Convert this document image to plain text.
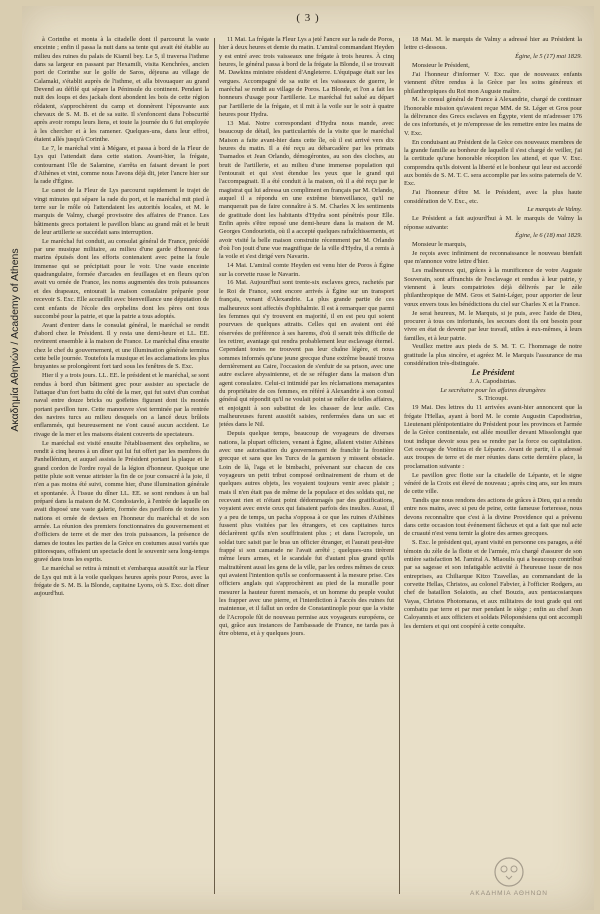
( 3 )

à Corinthe et monta à la citadelle dont il parcourut la vaste enceinte ; enfin il passa la nuit dans sa tente qui avait été établie au milieu des ruines du palais de Kiamil bey. Le 5, il traversa l'isthme dans sa largeur en passant par Hexamili, visita Kenchrées, ancien port de Corinthe sur le golfe de Saros, déjeuna au village de Calamaki, s'établit auprès de l'isthme, et alla bivouaquer au grand Devend au défilé qui sépare la Péninsule du continent. Pendant la nuit des loups et des jackals dont abondent les bois de cette région rôdaient, s'approchèrent du camp et donnèrent l'épouvante aux chevaux de S. M. B. et de sa suite. Il s'enfoncent dans l'obscurité après avoir rompu leurs liens, et toute la journée du 6 fut employée à les chercher et à les ramener. Quelques-uns, dans leur effroi, étaient allés jusqu'à Corinthe.

Le 7, le maréchal vint à Mégare, et passa à bord de la Fleur de Lys qui l'attendait dans cette station. Avant-hier, la frégate, contournant l'île de Salamine, s'arrêta en faisant devant le port d'Athènes et vint, comme nous l'avons déjà dit, jeter l'ancre hier sur la rade d'Égine.

Le canot de la Fleur de Lys parcourut rapidement le trajet de vingt minutes qui sépare la rade du port, et le maréchal mit pied à terre sur le môle où l'attendaient les autorités locales, et M. le marquis de Valmy, chargé provisoire des affaires de France. Les bâtiments grecs portaient le pavillon blanc au grand mât et le bruit de leur artillerie se succédait sans interruption.

Le maréchal fut conduit, au consulat général de France, précédé par une musique militaire, au milieu d'une garde d'honneur de marins épuisés dont les efforts contenaient avec peine la foule immense qui se précipitait pour le voir. Une vaste enceinte quadrangulaire, formée d'arcades en feuillages et en fleurs qu'on avait vu ornée de France, les noms augmentés des trois puissances et des drapeaux, entourait la maison consulaire préparée pour recevoir S. Exc. Elle accueillit avec bienveillance une députation de cent enfants de l'école des orphelins dont les pères ont tous succombé pour la patrie, et que la patrie a tous adoptés.

Avant d'entrer dans le consulat général, le maréchal se rendit d'abord chez le Président. Il y resta une demi-heure et LL. EE. revinrent ensemble à la maison de France. Le maréchal dîna ensuite chez le chef du gouvernement, et une illumination générale termina cette belle journée. Toutefois la musique et les acclamations les plus bruyantes se prolongèrent fort tard sous les fenêtres de S. Exc.

Hier il y a trois jours. LL. EE. le président et le maréchal, se sont rendus à bord d'un bâtiment grec pour assister au spectacle de l'attaque d'un fort battu du côté de la mer, qui fut suivi d'un combat naval entre douze bricks ou goëlettes figurant dont ils montés portant pavillon ture. Cette manœuvre s'est terminée par la rentrée des navires turcs au milieu desquels on a lancé deux brûlots enflammés, qui heureusement ne s'ont causé aucun accident. Le rivage de la mer et les maisons étaient couverts de spectateurs.

Le maréchal est visité ensuite l'établissement des orphelins, se rendit à cinq heures à un dîner qui lui fut offert par les membres du Panhellénium, et auquel assista le Président portant la plaque et le grand cordon de l'ordre royal de la légion d'honneur. Quoique une petite pluie soit venue attrister la fin de ce jour consacré à la joie, il n'en a pas moins été suivi, comme hier, d'une illumination générale et spontanée. À l'issue du dîner LL. EE. se sont rendues à un bal préparé dans la maison de M. Condostavlo, à l'entrée de laquelle on avait disposé une vaste galerie, formée des pavillons de toutes les nations et ornée de devises en l'honneur du maréchal et de son armée. La réunion des premiers fonctionnaires du gouvernement et d'officiers de terre et de mer des trois puissances, la présence de dames de toutes les parties de la Grèce en costumes aussi variés que pittoresques, offraient un spectacle dont le souvenir sera long-temps gravé dans tous les esprits.

Le maréchal se retira à minuit et s'embarqua aussitôt sur la Fleur de Lys qui mit à la voile quelques heures après pour Poros, avec la frégate de S. M. B. la Blonde, capitaine Lyons, où S. Exc. doit dîner aujourd'hui.

11 Mai. La frégate la Fleur Lys a jeté l'ancre sur la rade de Poros, hier à deux heures et demie du matin. L'amiral commandant Heyden y est entré avec trois vaisseaux une frégate à trois heures. À cinq heures, le général passa à bord de la frégate la Blonde, il se trouvait M. Dawkins ministre résident d'Angleterre. L'équipage était sur les vergues. Accompagné de sa suite et les vaisseaux de guerre, le maréchal se rendit au village de Poros. La Blonde, et l'on a fait les honneurs d'usage pour l'artillerie. Le maréchal fut salué au départ par l'artillerie de la frégate, et il mit à la voile sur le soir à quatre heures pour Hydra.

13 Mai. Notre correspondant d'Hydra nous mande, avec beaucoup de détail, les particularités de la visite que le maréchal Maison a faite avant-hier dans cette île, où il est arrivé vers dix heures du matin. Il a été reçu au débarcadère par les primats Tsamados et Jean Orlando, démogérontes, au son des cloches, au bruit de l'artillerie, et au milieu d'une immense population qui l'entourait et qui s'est étendue les yeux que le grand qui l'accompagnait. Il a été conduit à la maison, où il a été reçu par le magistrat qui lui adressa un compliment en français par M. Orlando, auquel il a répondu en une extrême bienveillance, qu'il ne manquerait pas de faire connaître à S. M. Charles X les sentiments de gratitude dont les habitants d'Hydra sont pénétrés pour Elle. Enfin après s'être reposé une demi-heure dans la maison de M. Georges Condouriotis, où il a accepté quelques rafraîchissements, et avoir visité la belle maison construite récemment par M. Orlando d'où l'on jouit d'une vue magnifique de la ville d'Hydra, il a remis à la voile et s'est dirigé vers Navarin.

14 Mai. L'amiral comte Heyden est venu hier de Poros à Égine sur la corvette russe le Navarin.

16 Mai. Aujourd'hui sont trente-six esclaves grecs, rachetés par le Roi de France, sont encore arrivés à Égine sur un transport français, venant d'Alexandrie. La plus grande partie de ces malheureux sont affectés d'ophthalmie. Il est à remarquer que parmi les femmes qui s'y trouvent en majorité, il en est peu qui soient pourvues de quelques attraits. Celles qui en avaient ont été réservées de préférence à ses harems, d'où il serait très difficile de les retirer, avantage qui rendra probablement leur esclavage éternel. Cependant toutes ne trouvent pas leur chaîne légère, et nous sommes informés qu'une jeune grecque d'une extrême beauté trouva dernièrement au Caire, l'occasion de s'enfuir de sa prison, avec une autre esclave abyssinienne, et de se réfugier dans la maison d'un agent consulaire. Celui-ci intimidé par les réclamations menaçantes du propriétaire de ces femmes, en référé à Alexandrie à son consul général qui répondit qu'il ne voulait point se mêler de telles affaires, et enjoignit à son substitut de les chasser de leur asile. Ces malheureuses furent aussitôt saisies, renfermées dans un sac et jetées dans le Nil.

Depuis quelque temps, beaucoup de voyageurs de diverses nations, la plupart officiers, venant à Égine, allaient visiter Athènes avec une autorisation du gouvernement de franchir la frontière grecque et sans que les Turcs de la garnison y missent obstacle. Loin de là, l'aga et le bimbachi, prévenant sur chacun de ces voyageurs un petit tribut composé ordinairement de rhum et de quelques autres objets, les voyaient toujours venir avec plaisir ; mais il n'en était pas de même de la populace et des soldats qui, ne recevant rien et n'étant point dédommagés par des gratifications, voyaient avec envie ceux qui faisaient parfois des insultes. Aussi, il y a peu de temps, un pacha s'opposa à ce que les ruines d'Athènes fussent plus visitées par les étrangers, et ces capitaines turcs déclarèrent qu'ils n'en souffriraient plus ; et dans l'acropole, un soldat turc saisit par le bras un officier étranger, et l'aurait peut-être frappé si son camarade ne l'avait arrêté ; quelques-uns tirèrent même leurs armes, et le scandale fut d'autant plus grand qu'ils maltraitèrent aussi les gens de la ville, par les ordres mêmes de ceux qui avaient l'intention qu'ils se conformassent à la mesure prise. Ces officiers anglais qui s'approchèrent au pied de la muraille pour mesurer la hauteur furent menacés, et un homme du peuple voulut les frapper avec une pierre, et l'interdiction à l'accès des ruines fut maintenue, et il fallut un ordre de Constantinople pour que la visite de l'Acropole fût de nouveau permise aux voyageurs européens, ce qui, grâce aux instances de l'ambassade de France, ne tarda pas à être obtenu, et à y quelques jours.

18 Mai. M. le marquis de Valmy a adressé hier au Président la lettre ci-dessous.

Égine, le 5 (17) mai 1829.

Monsieur le Président,

J'ai l'honneur d'informer V. Exc. que de nouveaux enfants viennent d'être rendus à la Grèce par les soins généreux et philanthropiques du Roi mon Auguste maître.

M. le consul général de France à Alexandrie, chargé de continuer l'honorable mission qu'avaient reçue MM. de St. Léger et Gros pour la délivrance des Grecs esclaves en Égypte, vient de m'adresser 176 de ces infortunés, et je m'empresse de les remettre entre les mains de V. Exc.

En conduisant au Président de la Grèce ces nouveaux membres de la grande famille au bonheur de laquelle il s'est chargé de veiller, j'ai la certitude qu'une honorable réception les attend, et que V. Exc. comprendra qu'ils doivent la liberté et le bonheur qui leur est accordé aux bontés de S. M. T. C. sera accomplie par les soins paternels de V. Exc.

J'ai l'honneur d'être M. le Président, avec la plus haute considération de V. Exc., etc.

Le marquis de Valmy.

Le Président a fait aujourd'hui à M. le marquis de Valmy la réponse suivante:

Égine, le 6 (18) mai 1829.

Monsieur le marquis,

Je reçois avec infiniment de reconnaissance le nouveau bienfait que m'annonce votre lettre d'hier.

Les malheureux qui, grâces à la munificence de votre Auguste Souverain, sont affranchis de l'esclavage et rendus à leur patrie, y viennent à leurs compatriotes déjà délivrés par le zèle philanthropique de MM. Gros et Saint-Léger, pour apporter de leur vœux envers tous les bénédictions du ciel sur Charles X et la France.

Je serai heureux, M. le Marquis, si je puis, avec l'aide de Dieu, procurer à tous ces infortunés, les secours dont ils ont besoin pour vivre en état de devenir par leur travail, utiles à eux-mêmes, à leurs familles, et à leur patrie.

Veuillez mettre aux pieds de S. M. T. C. l'hommage de notre gratitude la plus sincère, et agréez M. le Marquis l'assurance de ma considération très-distinguée.

Le Président

J. A. Capodistrias.

Le secrétaire pour les affaires étrangères

S. Tricoupi.

19 Mai. Des lettres du 11 arrivées avant-hier annoncent que la frégate l'Hellas, ayant à bord M. le comte Augustin Capodistrias, Lieutenant plénipotentiaire du Président pour les provinces et l'armée de la Grèce continentale, est allée mouiller devant Missolonghi que tout indique devoir sous peu se rendre par la force ou capitulation. Cet ouvrage de Vonitza et de Lépante. Avant de partir, il a adressé aux troupes de terre et de mer réunies dans cette dernière place, la proclamation suivante :

Le pavillon grec flotte sur la citadelle de Lépante, et le signe vénéré de la Croix est élevé de nouveau ; après cinq ans, sur les murs de cette ville.

Tandis que nous rendons des actions de grâces à Dieu, qui a rendu entre nos mains, avec si peu de peine, cette fameuse forteresse, nous devons reconnaître que c'est à la divine Providence qui a prévenu dans cette occasion tout événement fâcheux et qui a fait que nul acte de cruauté n'est venu ternir la gloire des armes grecques.

S. Exc. le président qui, ayant visité en personne ces parages, a été témoin du zèle de la flotte et de l'armée, m'a chargé d'assurer de son entière satisfaction M. l'amiral A. Miaoulis qui a beaucoup contribué par sa sagesse et son infatigable activité à l'heureuse issue de nos entreprises, au Chiliarque Kitzo Tzavellas, au commandant de la corvette Hellas, Christos, au colonel Fabvier, à l'officier Rodgers, au chef de bataillon Solaiotis, au chef Bouzis, aux pentacosiarques Vayas, Christos Photomaras, et aux militaires de tout grade qui ont combattu par terre et par mer pendant le siège ; enfin au chef Jean Caloyannis et aux officiers et soldats Péloponésiens qui ont accompli les derniers et qui ont coopéré à cette conquête.

ΑΚΑΔΗΜΙΑ ΑΘΗΝΩΝ
Ακαδημία Αθηνών / Academy of Athens
